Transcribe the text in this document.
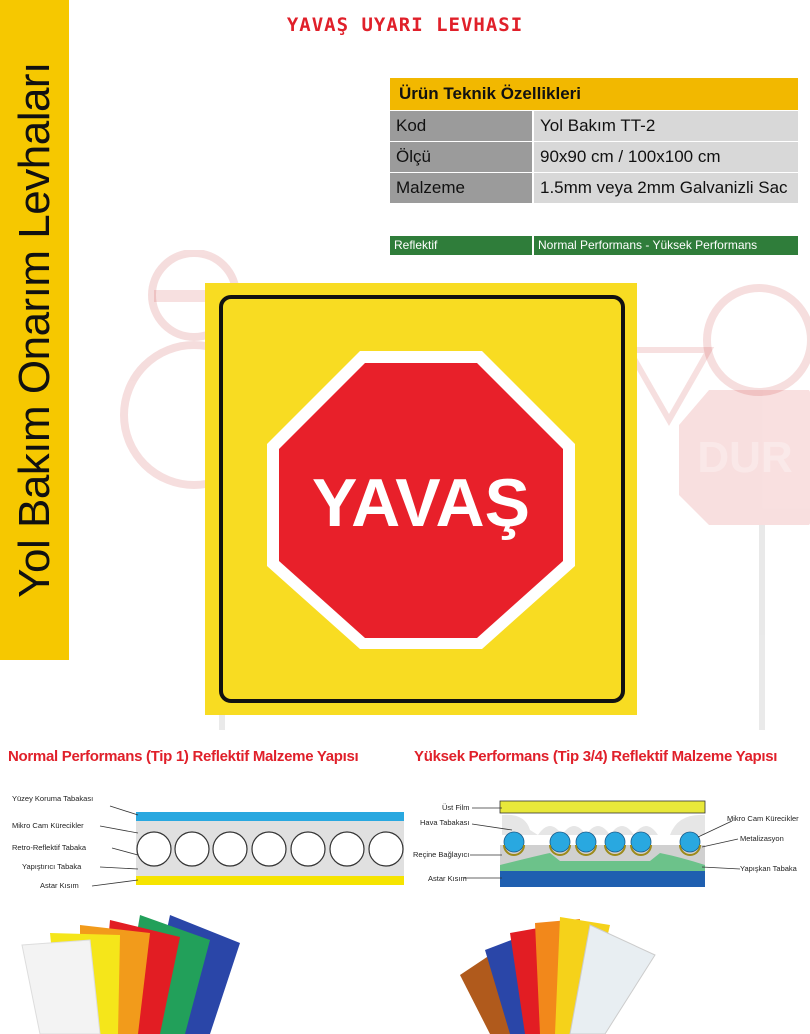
Yol Bakım Onarım Levhaları
YAVAŞ UYARI LEVHASI
Ürün Teknik Özellikleri
Kod	Yol Bakım TT-2
Ölçü	90x90 cm / 100x100 cm
Malzeme	1.5mm veya 2mm Galvanizli Sac
Reflektif	Normal Performans - Yüksek Performans
DUR
YAVAŞ
Normal Performans (Tip 1) Reflektif Malzeme Yapısı	Yüksek Performans (Tip 3/4) Reflektif Malzeme Yapısı
Yüzey Koruma Tabakası
Mikro Cam Kürecikler
Retro-Reflektif Tabaka
Yapıştırıcı Tabaka
Astar Kısım
Üst Film
Hava Tabakası
Reçine Bağlayıcı
Astar Kısım
Mikro Cam Kürecikler
Metalizasyon
Yapışkan Tabaka
